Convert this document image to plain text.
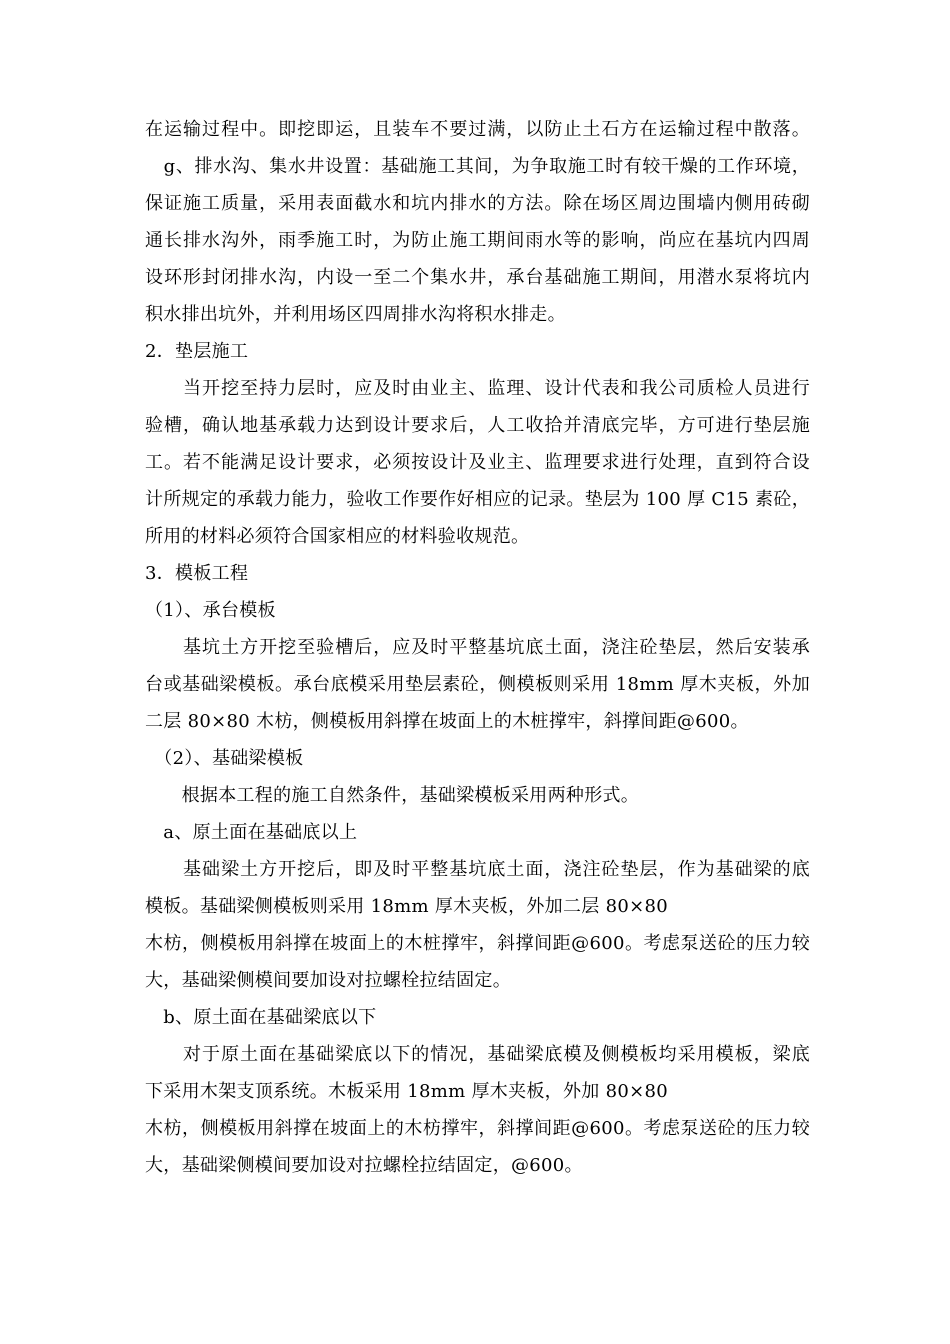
在运输过程中。即挖即运，且装车不要过满，以防止土石方在运输过程中散落。
　g、排水沟、集水井设置：基础施工其间，为争取施工时有较干燥的工作环境，
保证施工质量，采用表面截水和坑内排水的方法。除在场区周边围墙内侧用砖砌
通长排水沟外，雨季施工时，为防止施工期间雨水等的影响，尚应在基坑内四周
设环形封闭排水沟，内设一至二个集水井，承台基础施工期间，用潜水泵将坑内
积水排出坑外，并利用场区四周排水沟将积水排走。
2．垫层施工
　　当开挖至持力层时，应及时由业主、监理、设计代表和我公司质检人员进行
验槽，确认地基承载力达到设计要求后，人工收拾并清底完毕，方可进行垫层施
工。若不能满足设计要求，必须按设计及业主、监理要求进行处理，直到符合设
计所规定的承载力能力，验收工作要作好相应的记录。垫层为 100 厚 C15 素砼，
所用的材料必须符合国家相应的材料验收规范。
3．模板工程
（1）、承台模板
　　基坑土方开挖至验槽后，应及时平整基坑底土面，浇注砼垫层，然后安装承
台或基础梁模板。承台底模采用垫层素砼，侧模板则采用 18mm 厚木夹板，外加
二层 80×80 木枋，侧模板用斜撑在坡面上的木桩撑牢，斜撑间距@600。
　（2）、基础梁模板
　　根据本工程的施工自然条件，基础梁模板采用两种形式。
　a、原土面在基础底以上
　　基础梁土方开挖后，即及时平整基坑底土面，浇注砼垫层，作为基础梁的底
模板。基础梁侧模板则采用 18mm 厚木夹板，外加二层 80×80
木枋，侧模板用斜撑在坡面上的木桩撑牢，斜撑间距@600。考虑泵送砼的压力较
大，基础梁侧模间要加设对拉螺栓拉结固定。
　b、原土面在基础梁底以下
　　对于原土面在基础梁底以下的情况，基础梁底模及侧模板均采用模板，梁底
下采用木架支顶系统。木板采用 18mm 厚木夹板，外加 80×80
木枋，侧模板用斜撑在坡面上的木枋撑牢，斜撑间距@600。考虑泵送砼的压力较
大，基础梁侧模间要加设对拉螺栓拉结固定，@600。
